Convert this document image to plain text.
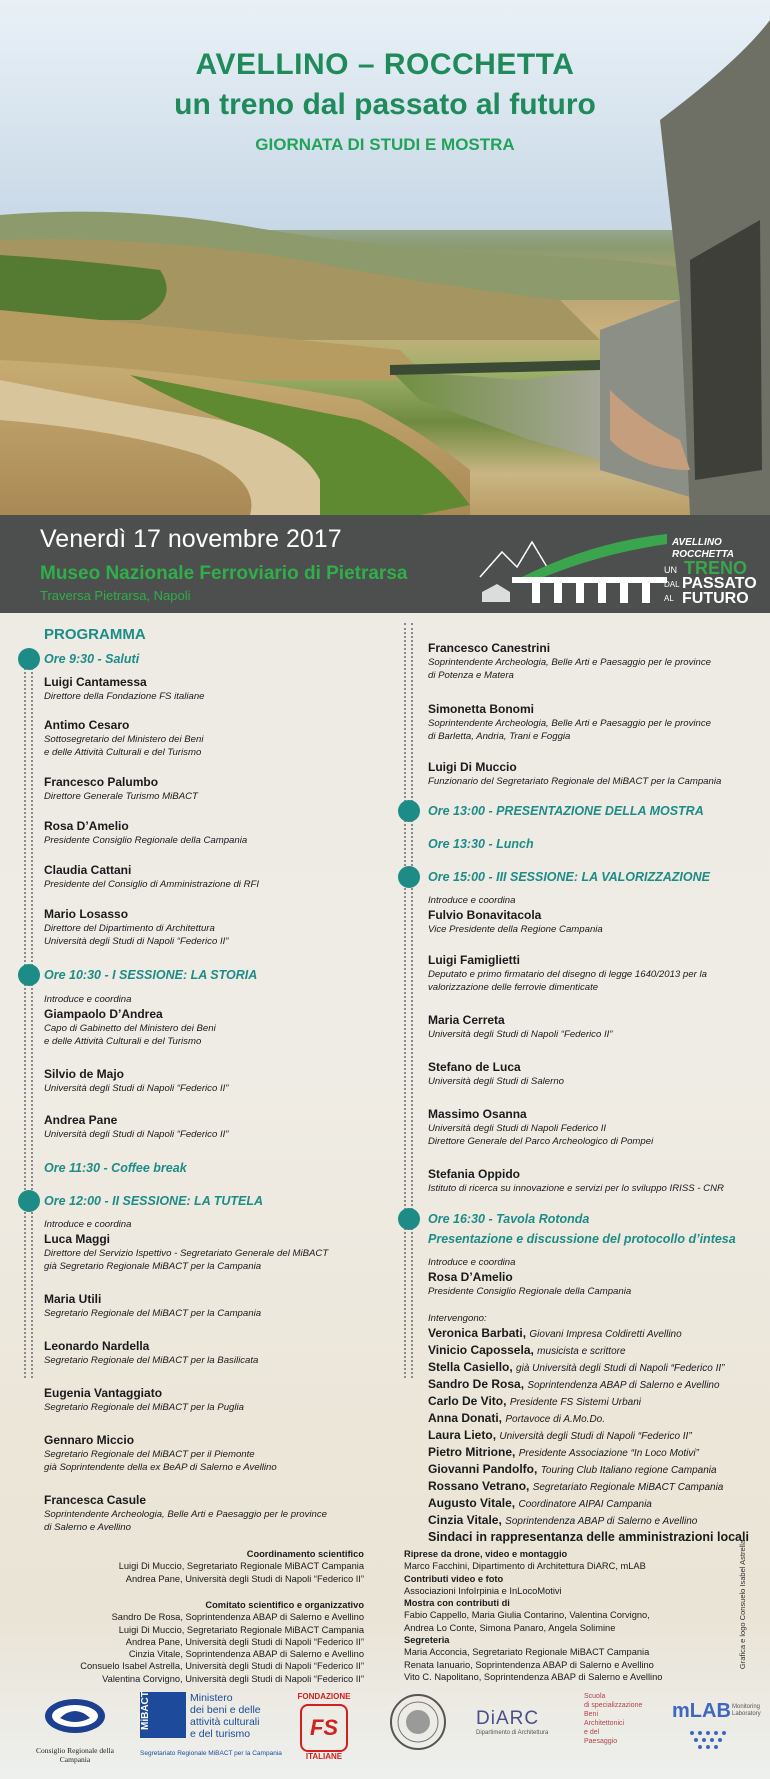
AVELLINO – ROCCHETTA
un treno dal passato al futuro
GIORNATA DI STUDI E MOSTRA
Venerdì 17 novembre 2017
Museo Nazionale Ferroviario di Pietrarsa
Traversa Pietrarsa, Napoli
AVELLINO
ROCCHETTA
UN TRENO
DAL PASSATO
AL FUTURO
PROGRAMMA
Ore 9:30 - Saluti
Luigi Cantamessa
Direttore della Fondazione FS italiane
Antimo Cesaro
Sottosegretario del Ministero dei Beni
e delle Attività Culturali e del Turismo
Francesco Palumbo
Direttore Generale Turismo MiBACT
Rosa D’Amelio
Presidente Consiglio Regionale della Campania
Claudia Cattani
Presidente del Consiglio di Amministrazione di RFI
Mario Losasso
Direttore del Dipartimento di Architettura
Università degli Studi di Napoli “Federico II”
Ore 10:30 - I SESSIONE: LA STORIA
Introduce e coordina
Giampaolo D’Andrea
Capo di Gabinetto del Ministero dei Beni
e delle Attività Culturali e del Turismo
Silvio de Majo
Università degli Studi di Napoli “Federico II”
Andrea Pane
Università degli Studi di Napoli “Federico II”
Ore 11:30 - Coffee break
Ore 12:00 - II SESSIONE: LA TUTELA
Introduce e coordina
Luca Maggi
Direttore del Servizio Ispettivo - Segretariato Generale del MiBACT
già Segretario Regionale MiBACT per la Campania
Maria Utili
Segretario Regionale del MiBACT per la Campania
Leonardo Nardella
Segretario Regionale del MiBACT per la Basilicata
Eugenia Vantaggiato
Segretario Regionale del MiBACT per la Puglia
Gennaro Miccio
Segretario Regionale del MiBACT per il Piemonte
già Soprintendente della ex BeAP di Salerno e Avellino
Francesca Casule
Soprintendente Archeologia, Belle Arti e Paesaggio per le province
di Salerno e Avellino
Francesco Canestrini
Soprintendente Archeologia, Belle Arti e Paesaggio per le province
di Potenza e Matera
Simonetta Bonomi
Soprintendente Archeologia, Belle Arti e Paesaggio per le province
di Barletta, Andria, Trani e Foggia
Luigi Di Muccio
Funzionario del Segretariato Regionale del MiBACT per la Campania
Ore 13:00 - PRESENTAZIONE DELLA MOSTRA
Ore 13:30 - Lunch
Ore 15:00 - III SESSIONE: LA VALORIZZAZIONE
Introduce e coordina
Fulvio Bonavitacola
Vice Presidente della Regione Campania
Luigi Famiglietti
Deputato e primo firmatario del disegno di legge 1640/2013 per la
valorizzazione delle ferrovie dimenticate
Maria Cerreta
Università degli Studi di Napoli “Federico II”
Stefano de Luca
Università degli Studi di Salerno
Massimo Osanna
Università degli Studi di Napoli Federico II
Direttore Generale del Parco Archeologico di Pompei
Stefania Oppido
Istituto di ricerca su innovazione e servizi per lo sviluppo IRISS - CNR
Ore 16:30 - Tavola Rotonda
Presentazione e discussione del protocollo d’intesa
Introduce e coordina
Rosa D’Amelio
Presidente Consiglio Regionale della Campania
Intervengono:
Veronica Barbati, Giovani Impresa Coldiretti Avellino
Vinicio Capossela, musicista e scrittore
Stella Casiello, già Università degli Studi di Napoli “Federico II”
Sandro De Rosa, Soprintendenza ABAP di Salerno e Avellino
Carlo De Vito, Presidente FS Sistemi Urbani
Anna Donati, Portavoce di A.Mo.Do.
Laura Lieto, Università degli Studi di Napoli “Federico II”
Pietro Mitrione, Presidente Associazione “In Loco Motivi”
Giovanni Pandolfo, Touring Club Italiano regione Campania
Rossano Vetrano, Segretariato Regionale MiBACT Campania
Augusto Vitale, Coordinatore AIPAI Campania
Cinzia Vitale, Soprintendenza ABAP di Salerno e Avellino
Sindaci in rappresentanza delle amministrazioni locali
Coordinamento scientifico
Luigi Di Muccio, Segretariato Regionale MiBACT Campania
Andrea Pane, Università degli Studi di Napoli “Federico II”
Comitato scientifico e organizzativo
Sandro De Rosa, Soprintendenza ABAP di Salerno e Avellino
Luigi Di Muccio, Segretariato Regionale MiBACT Campania
Andrea Pane, Università degli Studi di Napoli “Federico II”
Cinzia Vitale, Soprintendenza ABAP di Salerno e Avellino
Consuelo Isabel Astrella, Università degli Studi di Napoli “Federico II”
Valentina Corvigno, Università degli Studi di Napoli “Federico II”
Riprese da drone, video e montaggio
Marco Facchini, Dipartimento di Architettura DiARC, mLAB
Contributi video e foto
Associazioni InfoIrpinia e InLocoMotivi
Mostra con contributi di
Fabio Cappello, Maria Giulia Contarino, Valentina Corvigno,
Andrea Lo Conte, Simona Panaro, Angela Solimine
Segreteria
Maria Acconcia, Segretariato Regionale MiBACT Campania
Renata Ianuario, Soprintendenza ABAP di Salerno e Avellino
Vito C. Napolitano, Soprintendenza ABAP di Salerno e Avellino
Grafica e logo Consuelo Isabel Astrella
Consiglio Regionale della Campania
MiBACT	Ministero
dei beni e delle
attività culturali
e del turismo
Segretariato Regionale MiBACT per la Campania
FONDAZIONE
FS
ITALIANE
DiARC
Dipartimento di Architettura
Scuola
di specializzazione
Beni
Architettonici
e del
Paesaggio
mLAB Monitoring
Laboratory
